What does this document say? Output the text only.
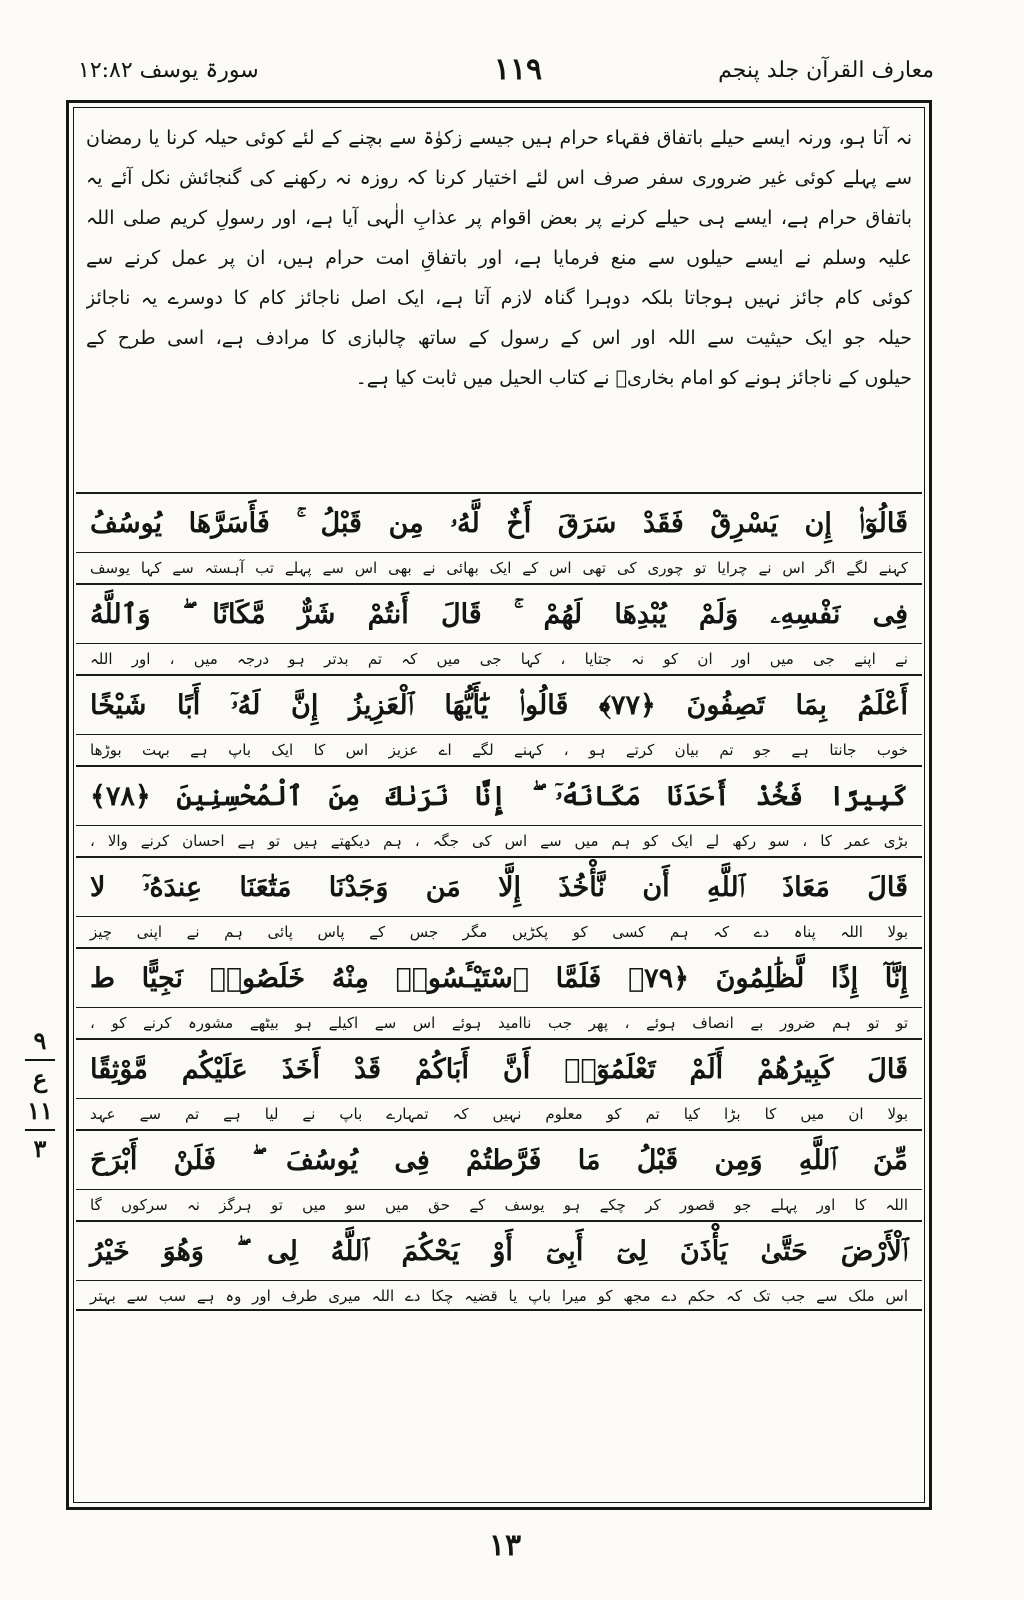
سورۃ یوسف ۱۲:۸۲	۱۱۹	معارف القرآن جلد پنجم
نہ آتا ہو، ورنہ ایسے حیلے باتفاق فقہاء حرام ہیں جیسے زکوٰۃ سے بچنے کے لئے کوئی حیلہ کرنا یا رمضان
سے پہلے کوئی غیر ضروری سفر صرف اس لئے اختیار کرنا کہ روزہ نہ رکھنے کی گنجائش نکل آئے یہ
باتفاق حرام ہے، ایسے ہی حیلے کرنے پر بعض اقوام پر عذابِ الٰہی آیا ہے، اور رسولِ کریم صلی اللہ
علیہ وسلم نے ایسے حیلوں سے منع فرمایا ہے، اور باتفاقِ امت حرام ہیں، ان پر عمل کرنے سے
کوئی کام جائز نہیں ہوجاتا بلکہ دوہرا گناہ لازم آتا ہے، ایک اصل ناجائز کام کا دوسرے یہ ناجائز
حیلہ جو ایک حیثیت سے اللہ اور اس کے رسول کے ساتھ چالبازی کا مرادف ہے، اسی طرح کے
حیلوں کے ناجائز ہونے کو امام بخاریؒ نے کتاب الحیل میں ثابت کیا ہے۔
قَالُوٓا۟ إِن يَسْرِقْ فَقَدْ سَرَقَ أَخٌ لَّهُۥ مِن قَبْلُ ۚ فَأَسَرَّهَا يُوسُفُ
کہنے لگے اگر اس نے چرایا تو چوری کی تھی اس کے ایک بھائی نے بھی اس سے پہلے تب آہستہ سے کہا یوسف
فِى نَفْسِهِۦ وَلَمْ يُبْدِهَا لَهُمْ ۚ قَالَ أَنتُمْ شَرٌّ مَّكَانًا ۖ وَٱللَّهُ
نے اپنے جی میں اور ان کو نہ جتایا ، کہا جی میں کہ تم بدتر ہو درجہ میں ، اور اللہ
أَعْلَمُ بِمَا تَصِفُونَ ﴿٧٧﴾ قَالُوا۟ يَٰٓأَيُّهَا ٱلْعَزِيزُ إِنَّ لَهُۥٓ أَبًا شَيْخًا
خوب جانتا ہے جو تم بیان کرتے ہو ، کہنے لگے اے عزیز اس کا ایک باپ ہے بہت بوڑھا
كَبِيرًا فَخُذْ أَحَدَنَا مَكَانَهُۥٓ ۖ إِنَّا نَرَىٰكَ مِنَ ٱلْمُحْسِنِينَ ﴿٧٨﴾
بڑی عمر کا ، سو رکھ لے ایک کو ہم میں سے اس کی جگہ ، ہم دیکھتے ہیں تو ہے احسان کرنے والا ،
قَالَ مَعَاذَ ٱللَّهِ أَن نَّأْخُذَ إِلَّا مَن وَجَدْنَا مَتَٰعَنَا عِندَهُۥٓ لا
بولا اللہ پناہ دے کہ ہم کسی کو پکڑیں مگر جس کے پاس پائی ہم نے اپنی چیز
إِنَّآ إِذًا لَّظَٰلِمُونَ ﴿٧٩﴾ فَلَمَّا ٱسْتَيْـَٔسُوا۟ مِنْهُ خَلَصُوا۟ نَجِيًّا ط
تو تو ہم ضرور بے انصاف ہوئے ، پھر جب ناامید ہوئے اس سے اکیلے ہو بیٹھے مشورہ کرنے کو ،
قَالَ كَبِيرُهُمْ أَلَمْ تَعْلَمُوٓا۟ أَنَّ أَبَاكُمْ قَدْ أَخَذَ عَلَيْكُم مَّوْثِقًا
بولا ان میں کا بڑا کیا تم کو معلوم نہیں کہ تمہارے باپ نے لیا ہے تم سے عہد
مِّنَ ٱللَّهِ وَمِن قَبْلُ مَا فَرَّطتُمْ فِى يُوسُفَ ۖ فَلَنْ أَبْرَحَ
اللہ کا اور پہلے جو قصور کر چکے ہو یوسف کے حق میں سو میں تو ہرگز نہ سرکوں گا
ٱلْأَرْضَ حَتَّىٰ يَأْذَنَ لِىٓ أَبِىٓ أَوْ يَحْكُمَ ٱللَّهُ لِى ۖ وَهُوَ خَيْرُ
اس ملک سے جب تک کہ حکم دے مجھ کو میرا باپ یا قضیہ چکا دے اللہ میری طرف اور وہ ہے سب سے بہتر
۹
ع ۱۱
۳
۱۳
